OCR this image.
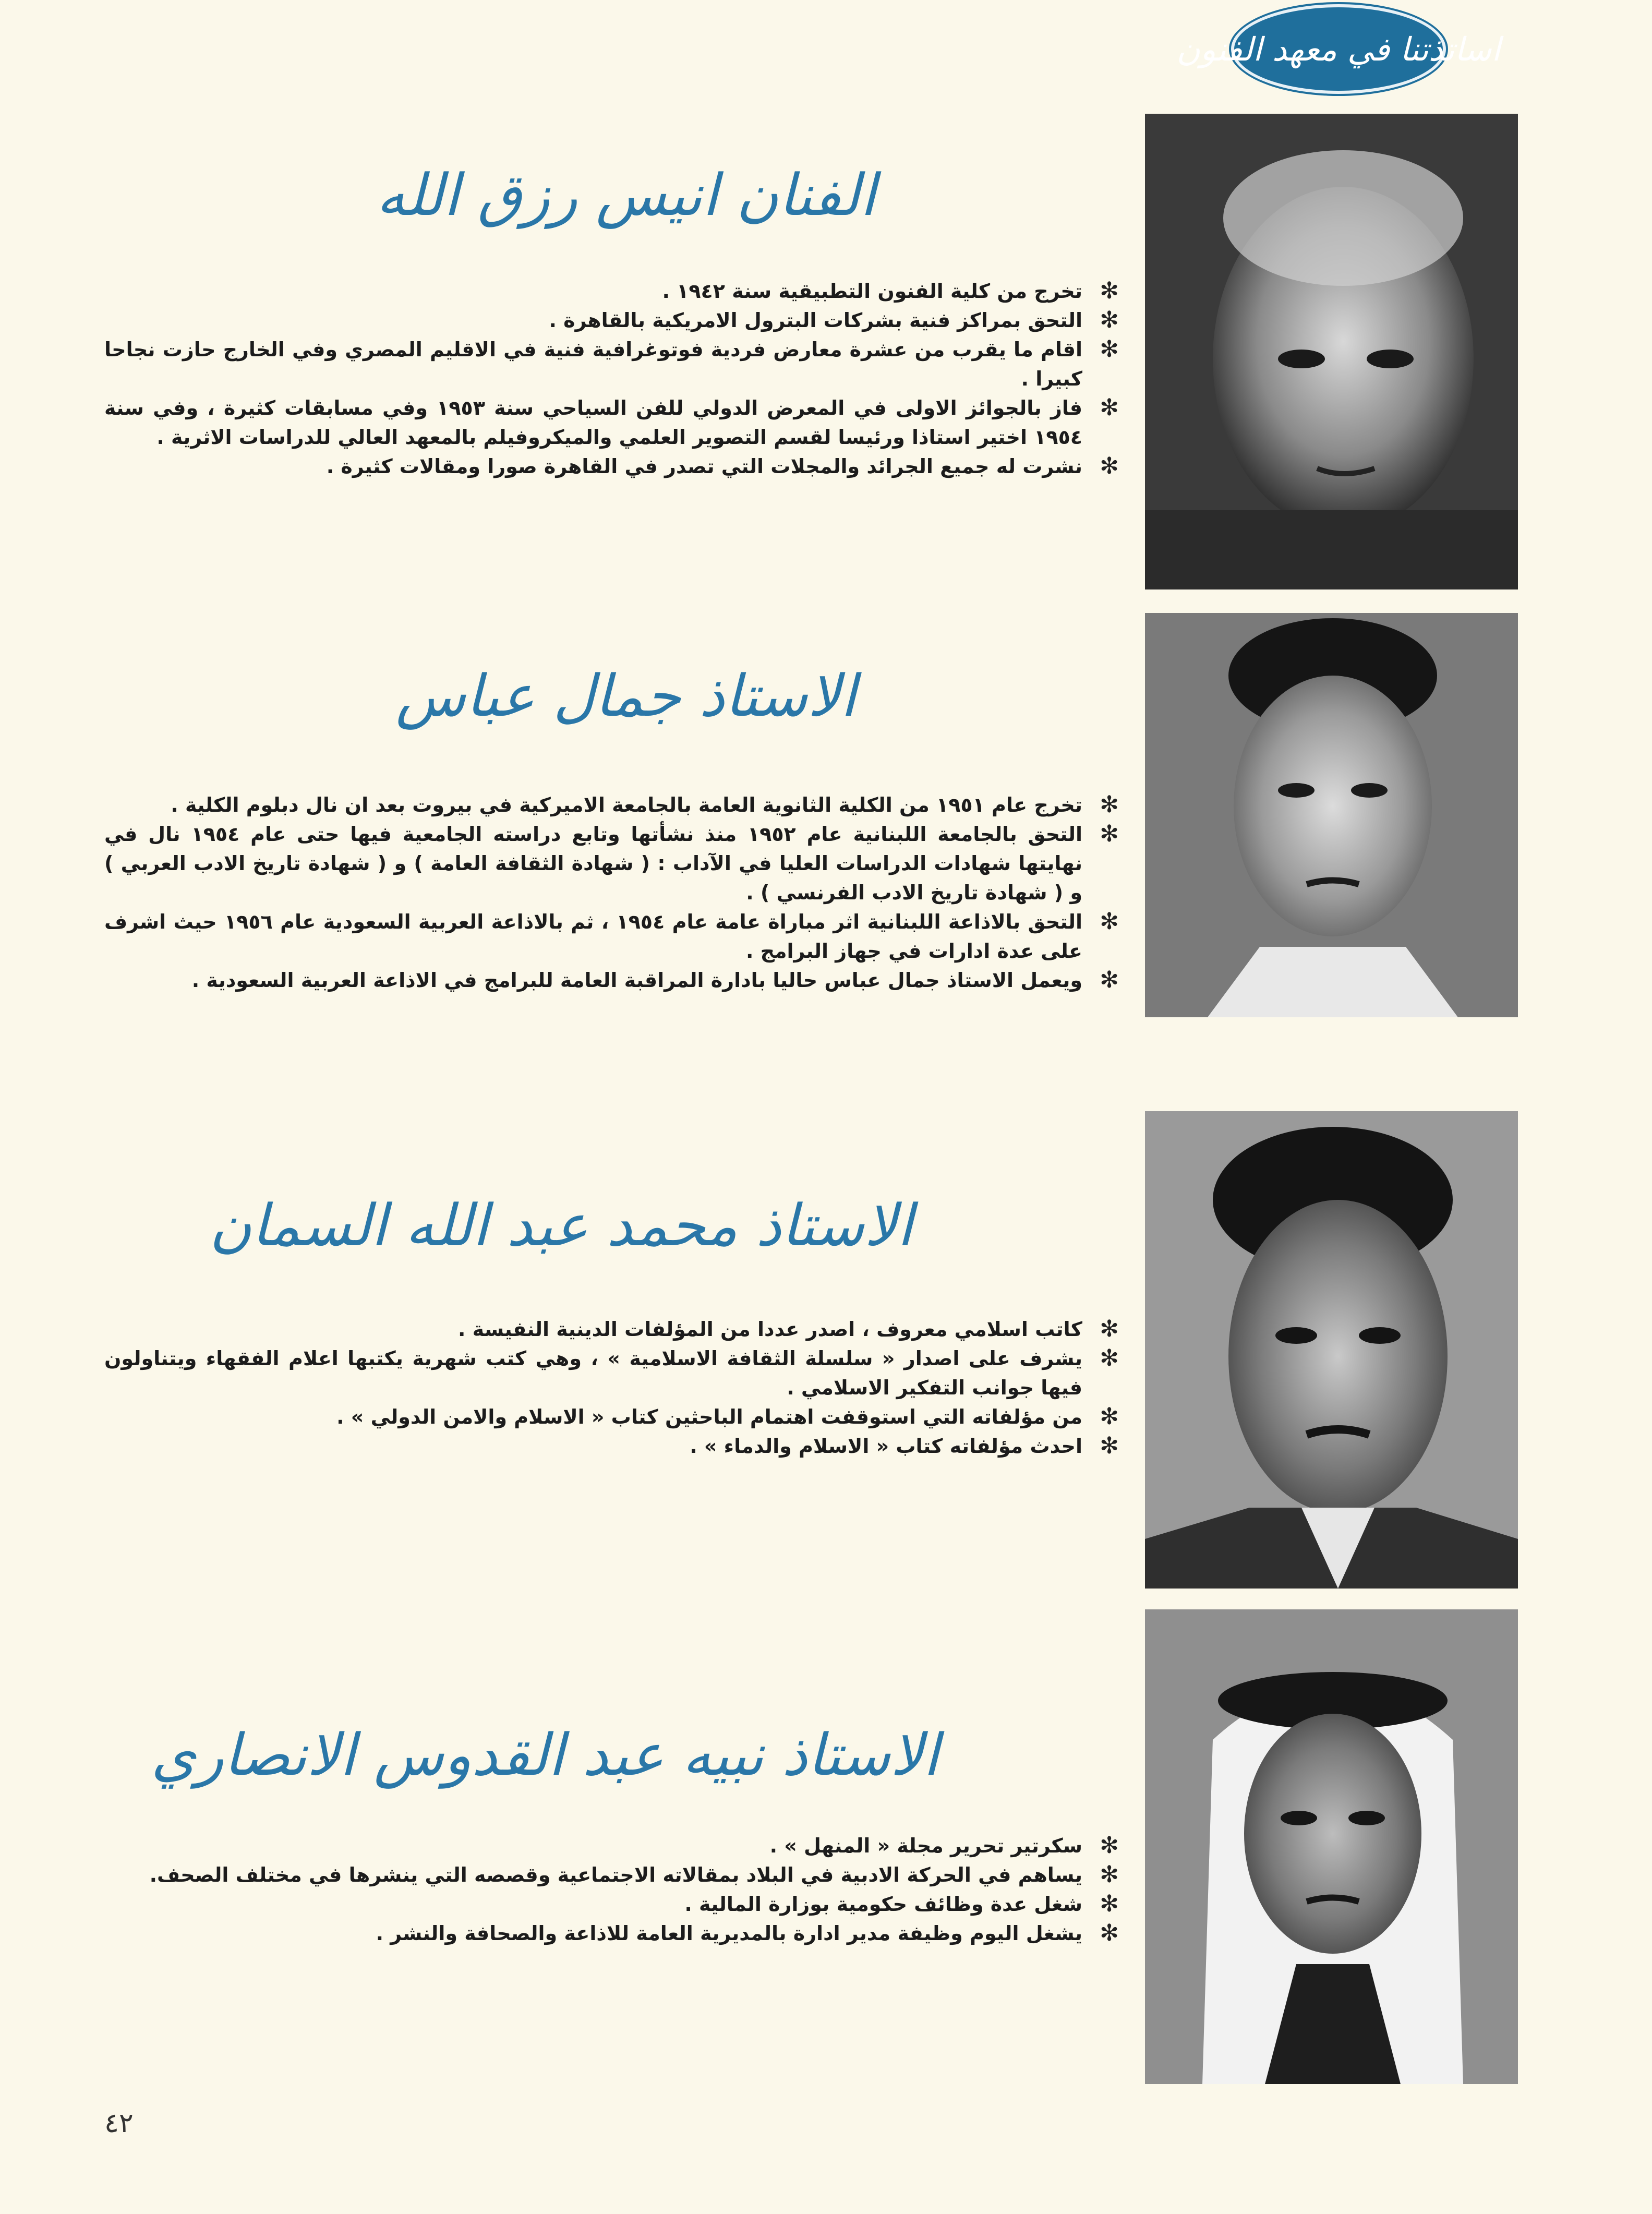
اساتذتنا في معهد الفنون
الفنان انيس رزق الله
✻
تخرج من كلية الفنون التطبيقية سنة ١٩٤٢ .
✻
التحق بمراكز فنية بشركات البترول الامريكية بالقاهرة .
✻
اقام ما يقرب من عشرة معارض فردية فوتوغرافية فنية في الاقليم المصري وفي الخارج حازت نجاحا كبيرا .
✻
فاز بالجوائز الاولى في المعرض الدولي للفن السياحي سنة ١٩٥٣ وفي مسابقات كثيرة ، وفي سنة ١٩٥٤ اختير استاذا ورئيسا لقسم التصوير العلمي والميكروفيلم بالمعهد العالي للدراسات الاثرية .
✻
نشرت له جميع الجرائد والمجلات التي تصدر في القاهرة صورا ومقالات كثيرة .
الاستاذ جمال عباس
✻
تخرج عام ١٩٥١ من الكلية الثانوية العامة بالجامعة الاميركية في بيروت بعد ان نال دبلوم الكلية .
✻
التحق بالجامعة اللبنانية عام ١٩٥٢ منذ نشأتها وتابع دراسته الجامعية فيها حتى عام ١٩٥٤ نال في نهايتها شهادات الدراسات العليا في الآداب : ( شهادة الثقافة العامة ) و ( شهادة تاريخ الادب العربي ) و ( شهادة تاريخ الادب الفرنسي ) .
✻
التحق بالاذاعة اللبنانية اثر مباراة عامة عام ١٩٥٤ ، ثم بالاذاعة العربية السعودية عام ١٩٥٦ حيث اشرف على عدة ادارات في جهاز البرامج .
✻
ويعمل الاستاذ جمال عباس حاليا بادارة المراقبة العامة للبرامج في الاذاعة العربية السعودية .
الاستاذ محمد عبد الله السمان
✻
كاتب اسلامي معروف ، اصدر عددا من المؤلفات الدينية النفيسة .
✻
يشرف على اصدار « سلسلة الثقافة الاسلامية » ، وهي كتب شهرية يكتبها اعلام الفقهاء ويتناولون فيها جوانب التفكير الاسلامي .
✻
من مؤلفاته التي استوقفت اهتمام الباحثين كتاب « الاسلام والامن الدولي » .
✻
احدث مؤلفاته كتاب « الاسلام والدماء » .
الاستاذ نبيه عبد القدوس الانصاري
✻
سكرتير تحرير مجلة « المنهل » .
✻
يساهم في الحركة الادبية في البلاد بمقالاته الاجتماعية وقصصه التي ينشرها في مختلف الصحف.
✻
شغل عدة وظائف حكومية بوزارة المالية .
✻
يشغل اليوم وظيفة مدير ادارة بالمديرية العامة للاذاعة والصحافة والنشر .
٤٢
